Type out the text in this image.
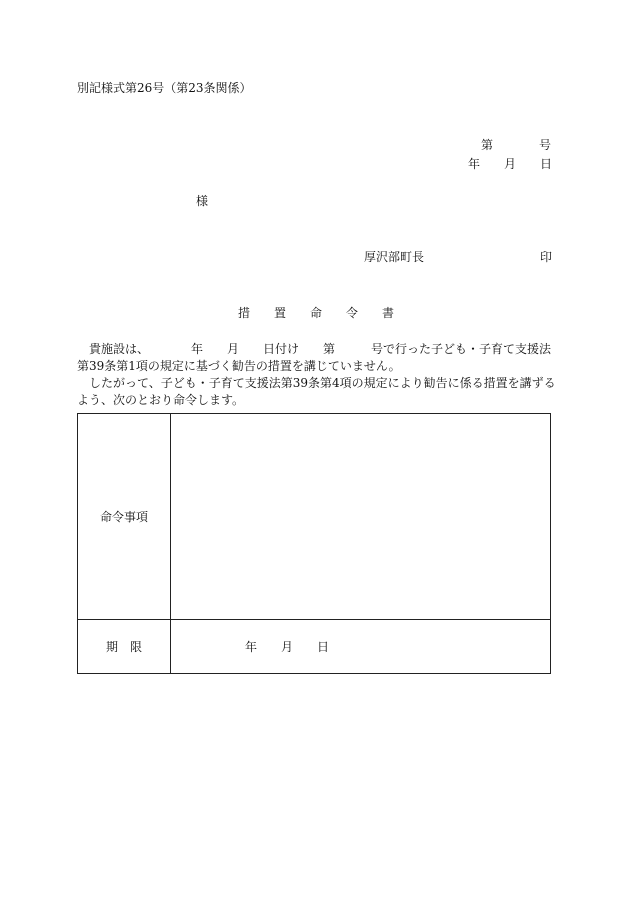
別記様式第26号（第23条関係）
第	号
年　　月　　日
様
厚沢部町長	印
措　　置　　命　　令　　書
　貴施設は、　　　　年　　月　　日付け　　第　　　号で行った子ども・子育て支援法第39条第1項の規定に基づく勧告の措置を講じていません。
　したがって、子ども・子育て支援法第39条第4項の規定により勧告に係る措置を講ずるよう、次のとおり命令します。
命令事項	
期　限	年　　月　　日
